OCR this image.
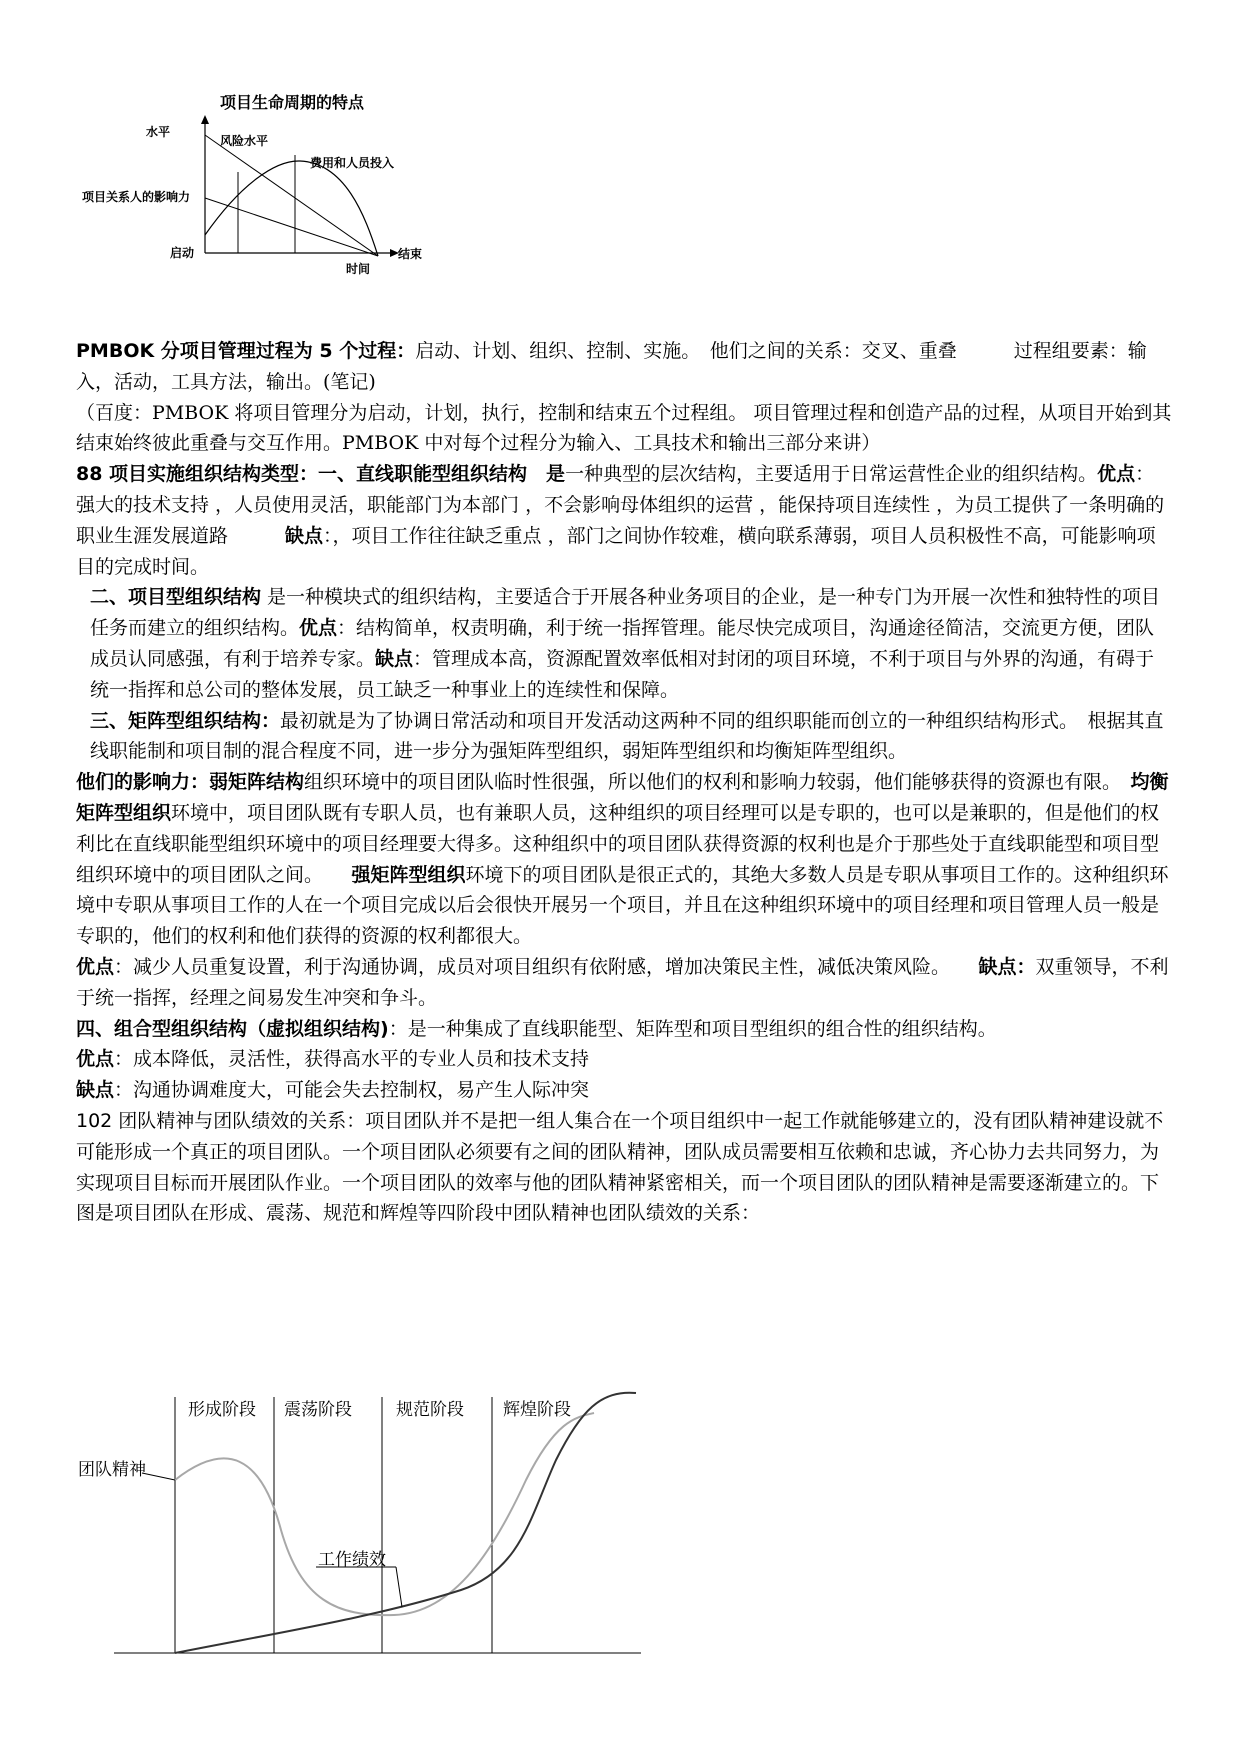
项目生命周期的特点
水平
风险水平
费用和人员投入
项目关系人的影响力
启动	结束
时间

PMBOK 分项目管理过程为 5 个过程：启动、计划、组织、控制、实施。　他们之间的关系：交叉、重叠　　　过程组要素：输入，活动，工具方法，输出。(笔记)

（百度：PMBOK 将项目管理分为启动，计划，执行，控制和结束五个过程组。 项目管理过程和创造产品的过程，从项目开始到其结束始终彼此重叠与交互作用。PMBOK 中对每个过程分为输入、工具技术和输出三部分来讲）

88 项目实施组织结构类型：一、直线职能型组织结构　是一种典型的层次结构，主要适用于日常运营性企业的组织结构。优点：强大的技术支持 ，人员使用灵活，职能部门为本部门 ，不会影响母体组织的运营 ，能保持项目连续性 ，为员工提供了一条明确的职业生涯发展道路　　　缺点：，项目工作往往缺乏重点 ，部门之间协作较难，横向联系薄弱，项目人员积极性不高，可能影响项目的完成时间。

二、项目型组织结构 是一种模块式的组织结构，主要适合于开展各种业务项目的企业，是一种专门为开展一次性和独特性的项目任务而建立的组织结构。优点：结构简单，权责明确，利于统一指挥管理。能尽快完成项目，沟通途径简洁，交流更方便，团队成员认同感强，有利于培养专家。缺点：管理成本高，资源配置效率低相对封闭的项目环境，不利于项目与外界的沟通，有碍于统一指挥和总公司的整体发展，员工缺乏一种事业上的连续性和保障。

三、矩阵型组织结构：最初就是为了协调日常活动和项目开发活动这两种不同的组织职能而创立的一种组织结构形式。　根据其直线职能制和项目制的混合程度不同，进一步分为强矩阵型组织，弱矩阵型组织和均衡矩阵型组织。

他们的影响力：弱矩阵结构组织环境中的项目团队临时性很强，所以他们的权利和影响力较弱，他们能够获得的资源也有限。　均衡矩阵型组织环境中，项目团队既有专职人员，也有兼职人员，这种组织的项目经理可以是专职的，也可以是兼职的，但是他们的权利比在直线职能型组织环境中的项目经理要大得多。这种组织中的项目团队获得资源的权利也是介于那些处于直线职能型和项目型组织环境中的项目团队之间。　　强矩阵型组织环境下的项目团队是很正式的，其绝大多数人员是专职从事项目工作的。这种组织环境中专职从事项目工作的人在一个项目完成以后会很快开展另一个项目，并且在这种组织环境中的项目经理和项目管理人员一般是专职的，他们的权利和他们获得的资源的权利都很大。

优点：减少人员重复设置，利于沟通协调，成员对项目组织有依附感，增加决策民主性，减低决策风险。　　缺点：双重领导，不利于统一指挥，经理之间易发生冲突和争斗。

四、组合型组织结构（虚拟组织结构)：是一种集成了直线职能型、矩阵型和项目型组织的组合性的组织结构。

优点：成本降低，灵活性，获得高水平的专业人员和技术支持

缺点：沟通协调难度大，可能会失去控制权，易产生人际冲突

102 团队精神与团队绩效的关系：项目团队并不是把一组人集合在一个项目组织中一起工作就能够建立的，没有团队精神建设就不可能形成一个真正的项目团队。一个项目团队必须要有之间的团队精神，团队成员需要相互依赖和忠诚，齐心协力去共同努力，为实现项目目标而开展团队作业。一个项目团队的效率与他的团队精神紧密相关，而一个项目团队的团队精神是需要逐渐建立的。下图是项目团队在形成、震荡、规范和辉煌等四阶段中团队精神也团队绩效的关系：

形成阶段 震荡阶段	规范阶段 辉煌阶段
团队精神
工作绩效
